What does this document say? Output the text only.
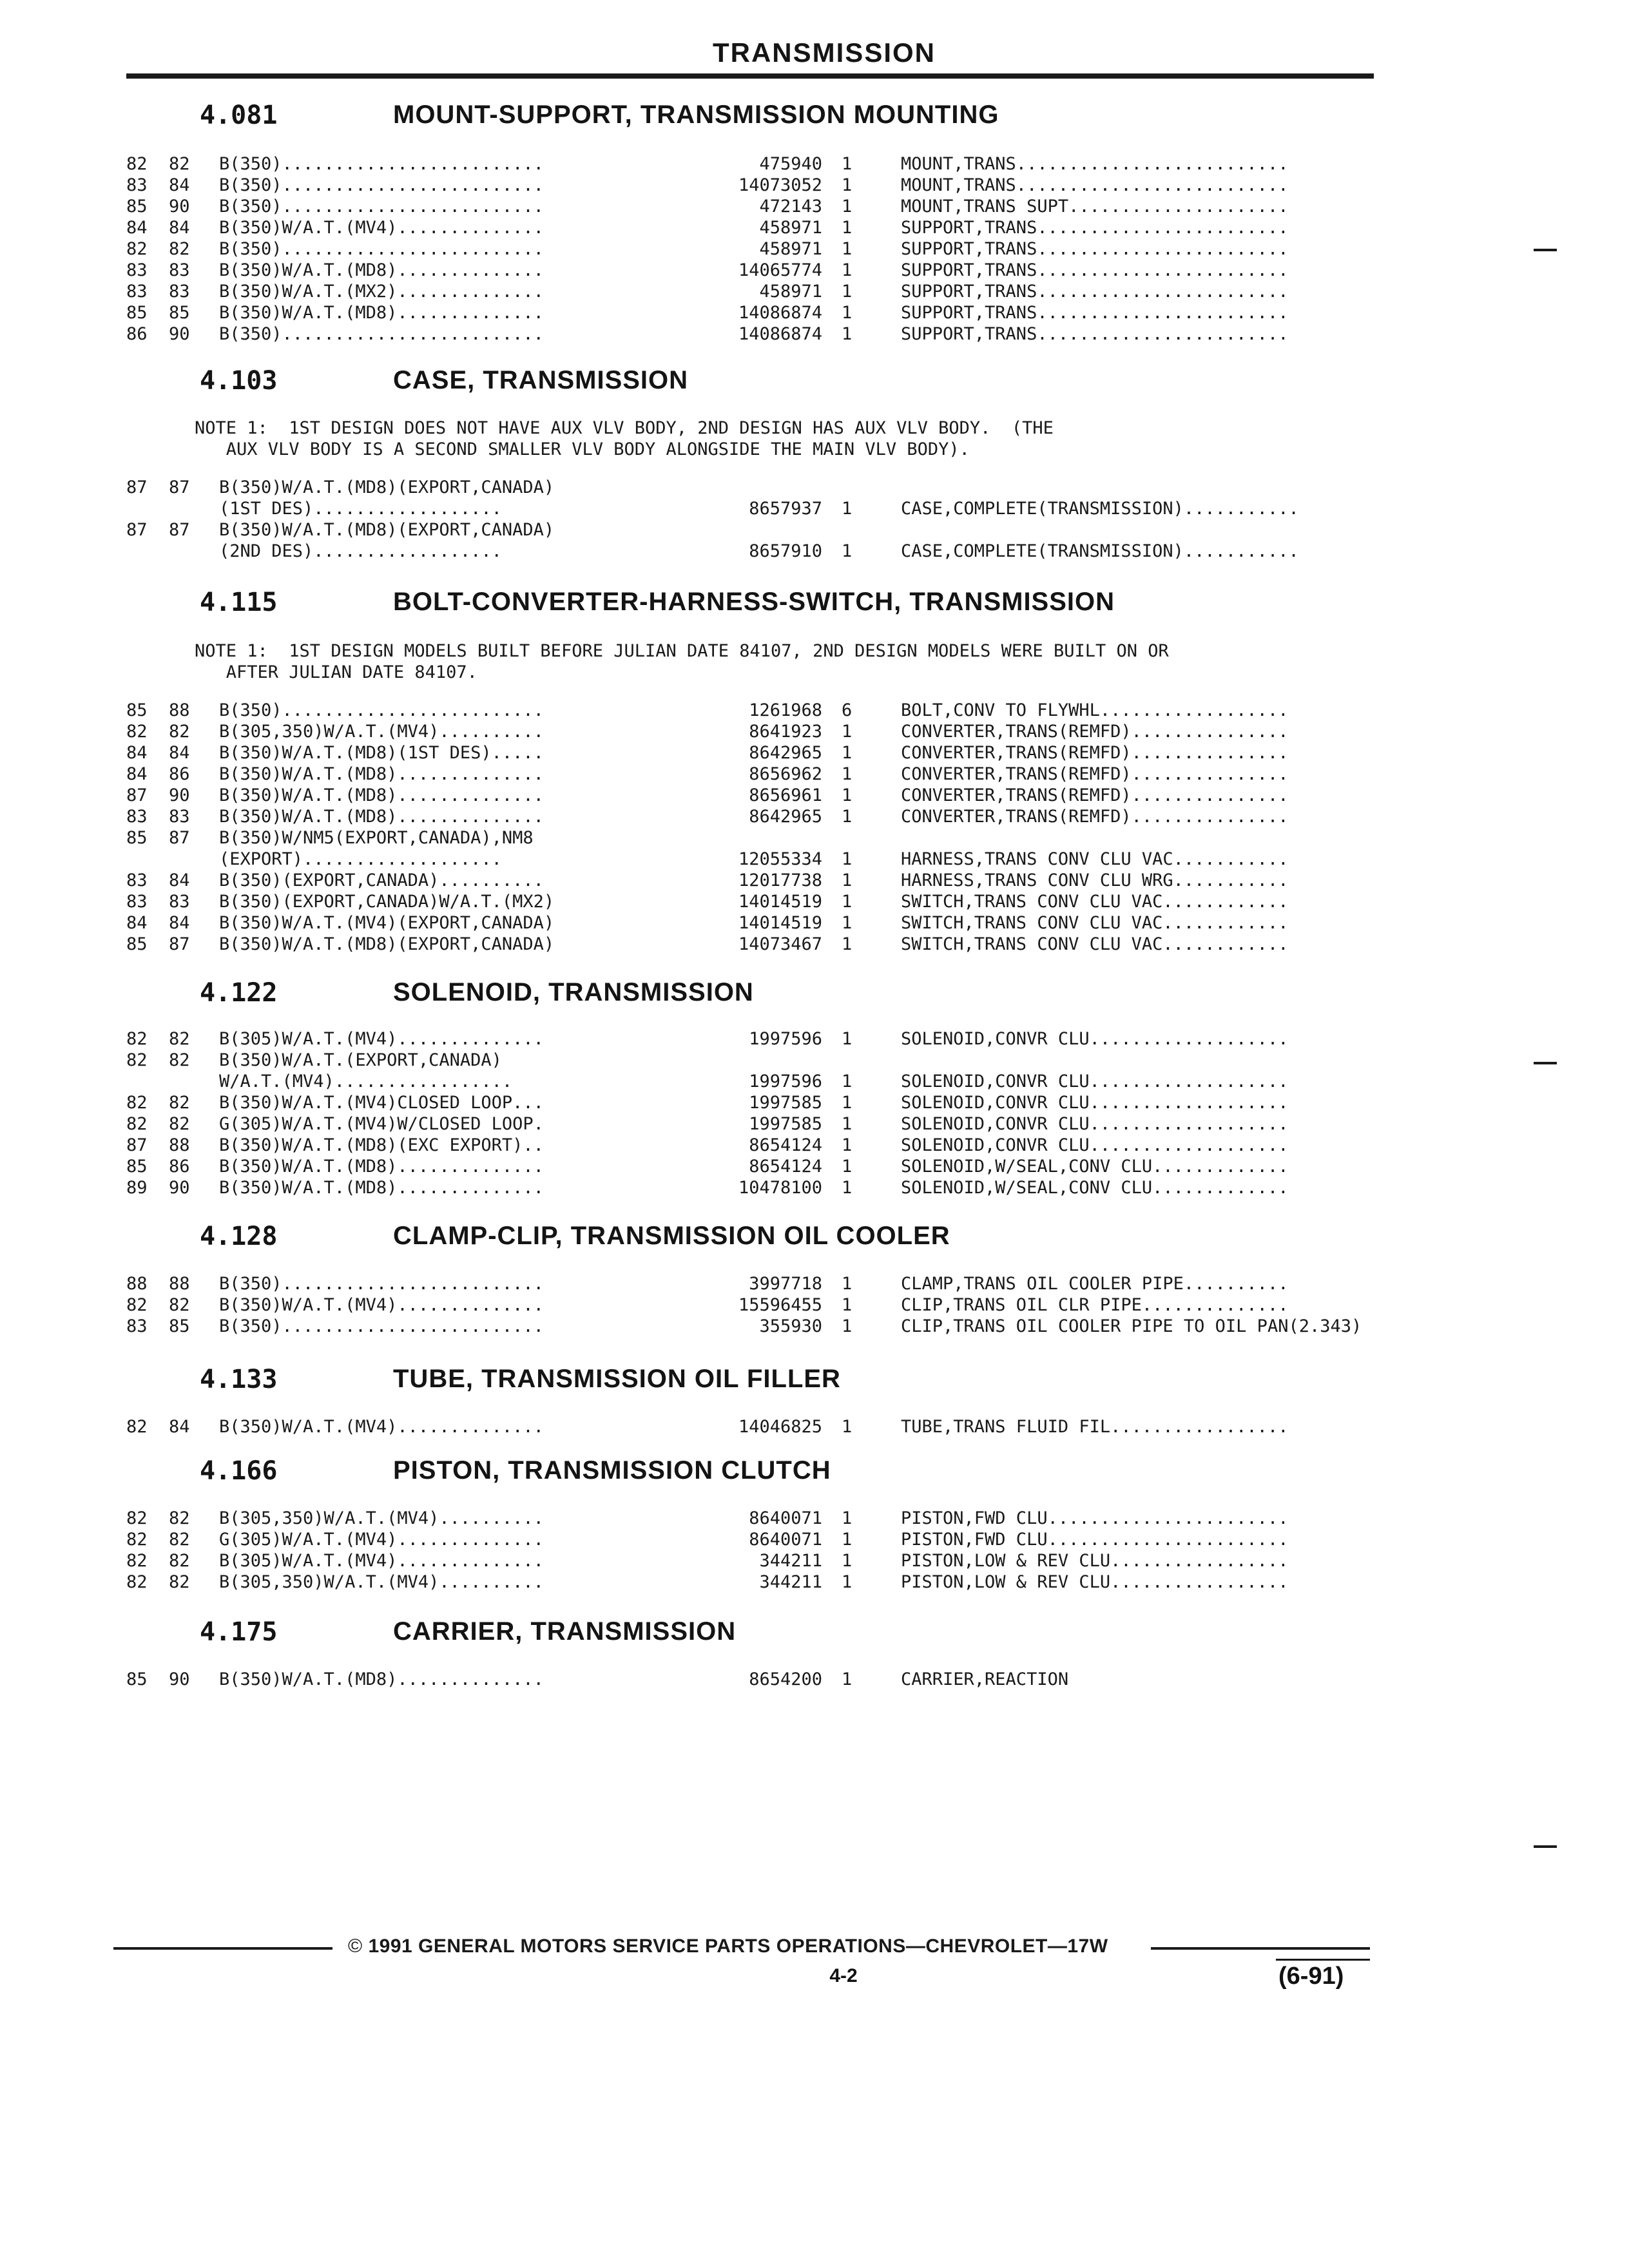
TRANSMISSION
4.081	MOUNT-SUPPORT, TRANSMISSION MOUNTING
82 82 B(350).........................	475940 1	MOUNT,TRANS..........................
83 84 B(350).........................	14073052 1	MOUNT,TRANS..........................
85 90 B(350).........................	472143 1	MOUNT,TRANS SUPT.....................
84 84 B(350)W/A.T.(MV4)..............	458971 1	SUPPORT,TRANS........................
82 82 B(350).........................	458971 1	SUPPORT,TRANS........................
83 83 B(350)W/A.T.(MD8)..............	14065774 1	SUPPORT,TRANS........................
83 83 B(350)W/A.T.(MX2)..............	458971 1	SUPPORT,TRANS........................
85 85 B(350)W/A.T.(MD8)..............	14086874 1	SUPPORT,TRANS........................
86 90 B(350).........................	14086874 1	SUPPORT,TRANS........................
4.103	CASE, TRANSMISSION
NOTE 1:  1ST DESIGN DOES NOT HAVE AUX VLV BODY, 2ND DESIGN HAS AUX VLV BODY.  (THE
AUX VLV BODY IS A SECOND SMALLER VLV BODY ALONGSIDE THE MAIN VLV BODY).
87 87 B(350)W/A.T.(MD8)(EXPORT,CANADA)
(1ST DES)..................	8657937 1	CASE,COMPLETE(TRANSMISSION)...........
87 87 B(350)W/A.T.(MD8)(EXPORT,CANADA)
(2ND DES)..................	8657910 1	CASE,COMPLETE(TRANSMISSION)...........
4.115	BOLT-CONVERTER-HARNESS-SWITCH, TRANSMISSION
NOTE 1:  1ST DESIGN MODELS BUILT BEFORE JULIAN DATE 84107, 2ND DESIGN MODELS WERE BUILT ON OR
AFTER JULIAN DATE 84107.
85 88 B(350).........................	1261968 6	BOLT,CONV TO FLYWHL..................
82 82 B(305,350)W/A.T.(MV4)..........	8641923 1	CONVERTER,TRANS(REMFD)...............
84 84 B(350)W/A.T.(MD8)(1ST DES).....	8642965 1	CONVERTER,TRANS(REMFD)...............
84 86 B(350)W/A.T.(MD8)..............	8656962 1	CONVERTER,TRANS(REMFD)...............
87 90 B(350)W/A.T.(MD8)..............	8656961 1	CONVERTER,TRANS(REMFD)...............
83 83 B(350)W/A.T.(MD8)..............	8642965 1	CONVERTER,TRANS(REMFD)...............
85 87 B(350)W/NM5(EXPORT,CANADA),NM8
(EXPORT)...................	12055334 1	HARNESS,TRANS CONV CLU VAC...........
83 84 B(350)(EXPORT,CANADA)..........	12017738 1	HARNESS,TRANS CONV CLU WRG...........
83 83 B(350)(EXPORT,CANADA)W/A.T.(MX2)	14014519 1	SWITCH,TRANS CONV CLU VAC............
84 84 B(350)W/A.T.(MV4)(EXPORT,CANADA)	14014519 1	SWITCH,TRANS CONV CLU VAC............
85 87 B(350)W/A.T.(MD8)(EXPORT,CANADA)	14073467 1	SWITCH,TRANS CONV CLU VAC............
4.122	SOLENOID, TRANSMISSION
82 82 B(305)W/A.T.(MV4)..............	1997596 1	SOLENOID,CONVR CLU...................
82 82 B(350)W/A.T.(EXPORT,CANADA)
W/A.T.(MV4).................	1997596 1	SOLENOID,CONVR CLU...................
82 82 B(350)W/A.T.(MV4)CLOSED LOOP...	1997585 1	SOLENOID,CONVR CLU...................
82 82 G(305)W/A.T.(MV4)W/CLOSED LOOP.	1997585 1	SOLENOID,CONVR CLU...................
87 88 B(350)W/A.T.(MD8)(EXC EXPORT)..	8654124 1	SOLENOID,CONVR CLU...................
85 86 B(350)W/A.T.(MD8)..............	8654124 1	SOLENOID,W/SEAL,CONV CLU.............
89 90 B(350)W/A.T.(MD8)..............	10478100 1	SOLENOID,W/SEAL,CONV CLU.............
4.128	CLAMP-CLIP, TRANSMISSION OIL COOLER
88 88 B(350).........................	3997718 1	CLAMP,TRANS OIL COOLER PIPE..........
82 82 B(350)W/A.T.(MV4)..............	15596455 1	CLIP,TRANS OIL CLR PIPE..............
83 85 B(350).........................	355930 1	CLIP,TRANS OIL COOLER PIPE TO OIL PAN(2.343)
4.133	TUBE, TRANSMISSION OIL FILLER
82 84 B(350)W/A.T.(MV4)..............	14046825 1	TUBE,TRANS FLUID FIL.................
4.166	PISTON, TRANSMISSION CLUTCH
82 82 B(305,350)W/A.T.(MV4)..........	8640071 1	PISTON,FWD CLU.......................
82 82 G(305)W/A.T.(MV4)..............	8640071 1	PISTON,FWD CLU.......................
82 82 B(305)W/A.T.(MV4)..............	344211 1	PISTON,LOW & REV CLU.................
82 82 B(305,350)W/A.T.(MV4)..........	344211 1	PISTON,LOW & REV CLU.................
4.175	CARRIER, TRANSMISSION
85 90 B(350)W/A.T.(MD8)..............	8654200 1	CARRIER,REACTION
© 1991 GENERAL MOTORS SERVICE PARTS OPERATIONS—CHEVROLET—17W
4-2	(6-91)
